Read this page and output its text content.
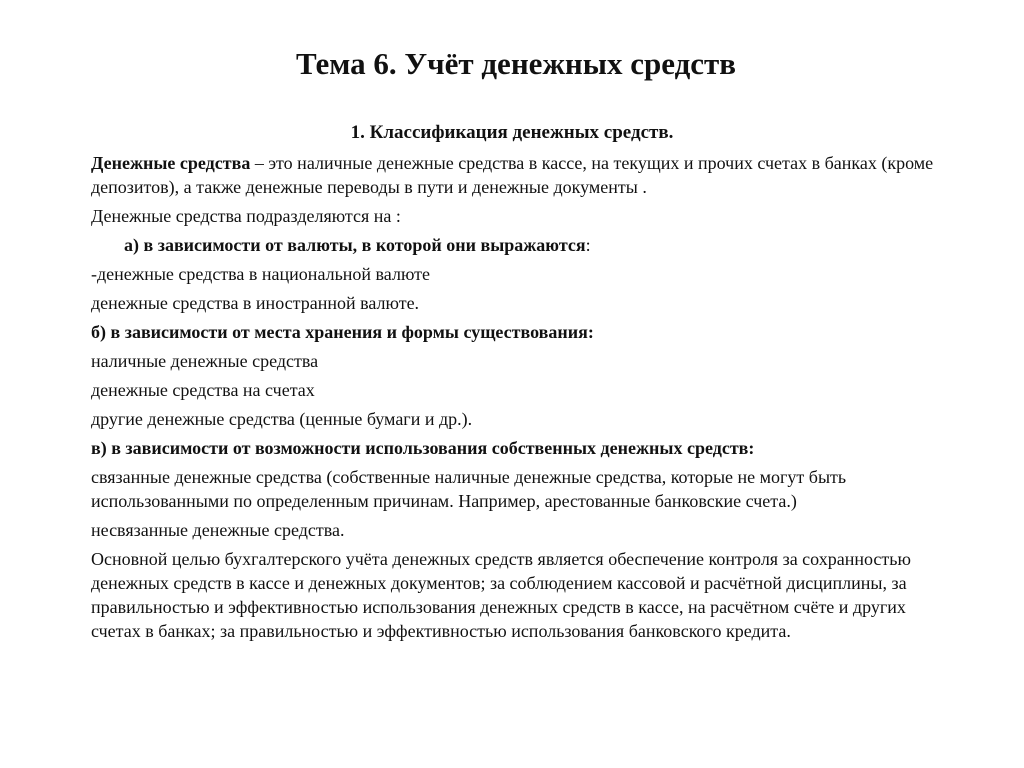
Тема 6. Учёт денежных средств
1. Классификация денежных средств.

Денежные средства – это наличные денежные средства в кассе, на текущих и прочих счетах в банках (кроме депозитов), а также денежные переводы в пути и денежные документы .

Денежные средства подразделяются на :

а) в зависимости от валюты, в которой они выражаются:

-денежные средства в национальной валюте

денежные средства в иностранной валюте.

б) в зависимости от места хранения и формы существования:

наличные денежные средства

денежные средства на счетах

другие денежные средства (ценные бумаги и др.).

в) в зависимости от возможности использования собственных денежных средств:

связанные денежные средства (собственные наличные денежные средства, которые не могут быть использованными по определенным причинам. Например, арестованные банковские счета.)

несвязанные денежные средства.

Основной целью бухгалтерского учёта денежных средств является обеспечение контроля за сохранностью денежных средств в кассе и денежных документов; за соблюдением кассовой и расчётной дисциплины, за правильностью и эффективностью использования денежных средств в кассе, на расчётном счёте и других счетах в банках; за правильностью и эффективностью использования банковского кредита.
